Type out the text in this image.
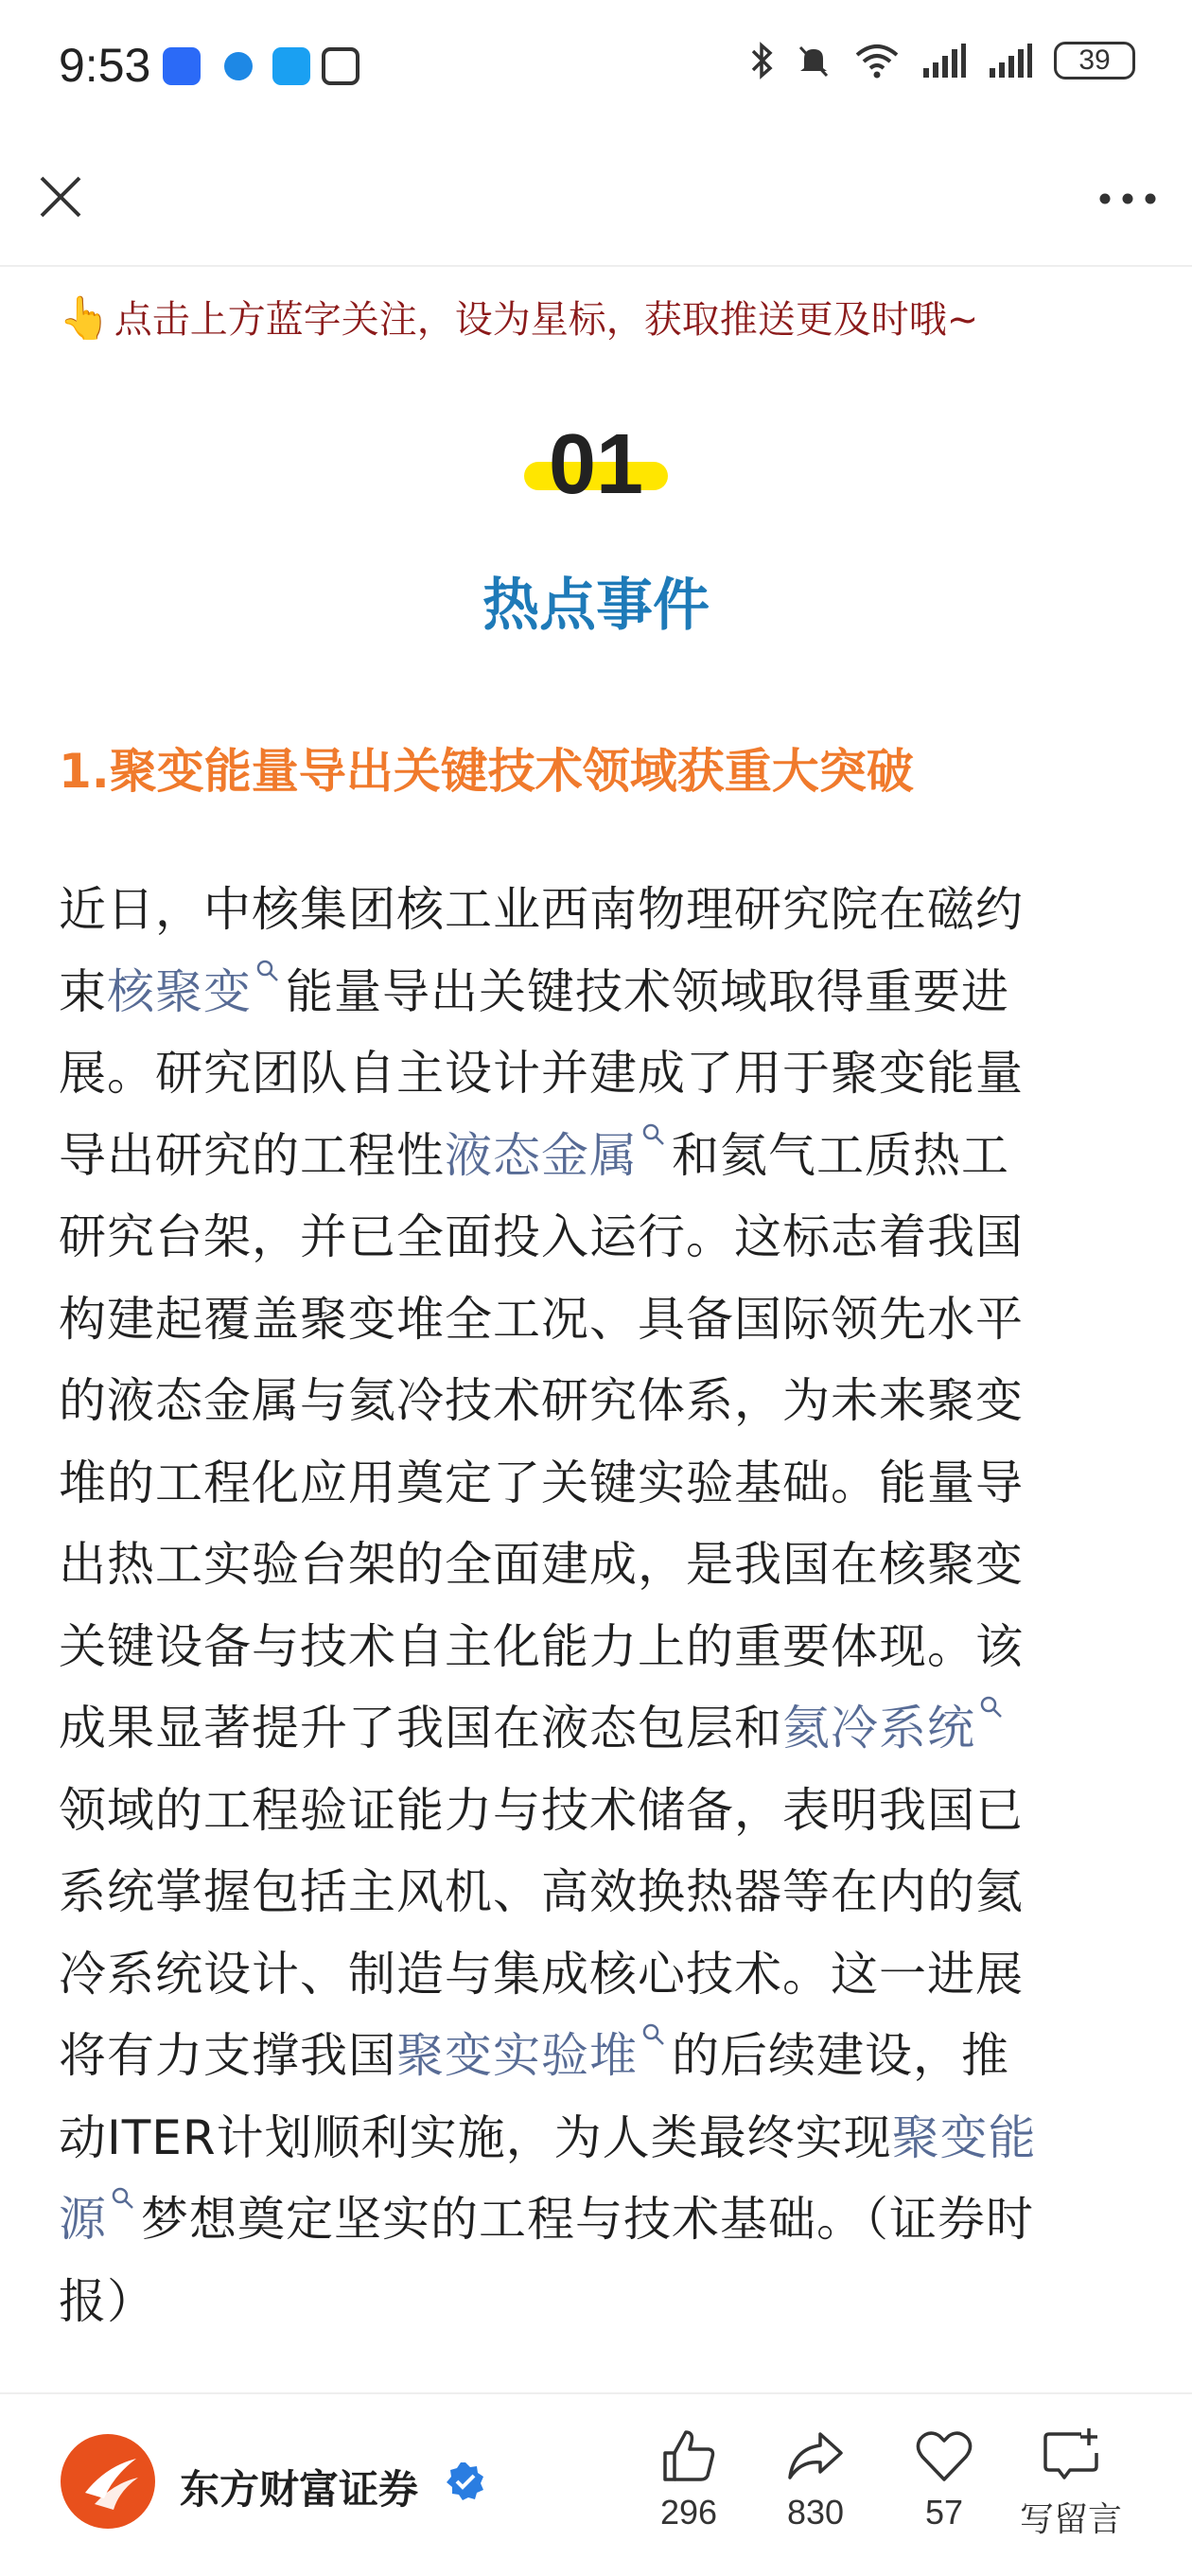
9:53	39
👆 点击上方蓝字关注，设为星标，获取推送更及时哦~
01
热点事件
1.聚变能量导出关键技术领域获重大突破
近日，中核集团核工业西南物理研究院在磁约
束核聚变 能量导出关键技术领域取得重要进
展。研究团队自主设计并建成了用于聚变能量
导出研究的工程性液态金属 和氦气工质热工
研究台架，并已全面投入运行。这标志着我国
构建起覆盖聚变堆全工况、具备国际领先水平
的液态金属与氦冷技术研究体系，为未来聚变
堆的工程化应用奠定了关键实验基础。能量导
出热工实验台架的全面建成，是我国在核聚变
关键设备与技术自主化能力上的重要体现。该
成果显著提升了我国在液态包层和氦冷系统
领域的工程验证能力与技术储备，表明我国已
系统掌握包括主风机、高效换热器等在内的氦
冷系统设计、制造与集成核心技术。这一进展
将有力支撑我国聚变实验堆 的后续建设，推
动ITER计划顺利实施，为人类最终实现聚变能
源 梦想奠定坚实的工程与技术基础。（证券时
报）
东方财富证券	296	830	57	写留言
